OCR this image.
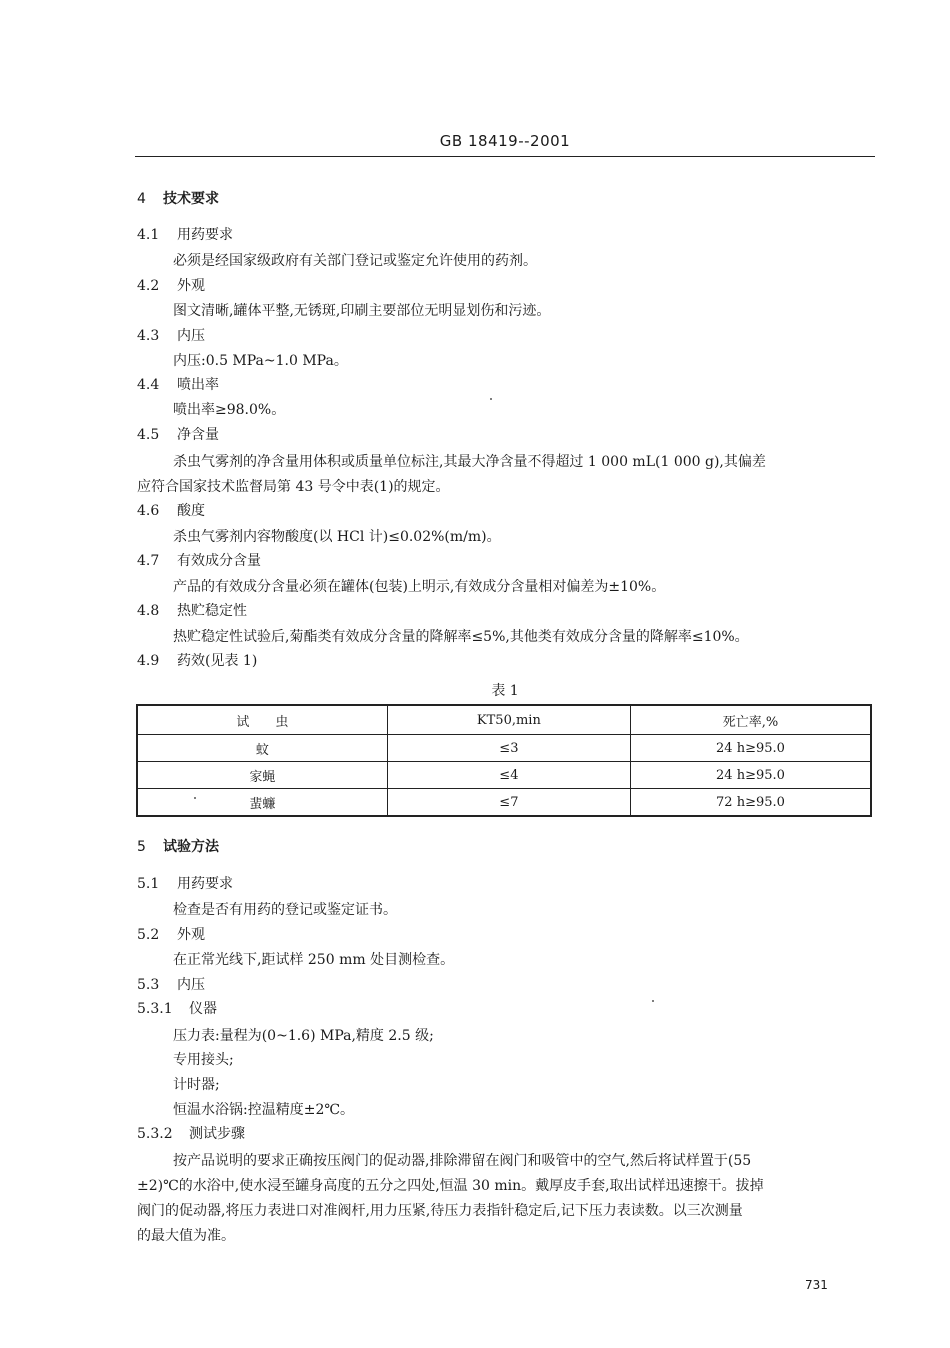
GB 18419--2001
4 技术要求
4.1 用药要求
必须是经国家级政府有关部门登记或鉴定允许使用的药剂。
4.2 外观
图文清晰,罐体平整,无锈斑,印刷主要部位无明显划伤和污迹。
4.3 内压
内压:0.5 MPa~1.0 MPa。
4.4 喷出率
喷出率≥98.0%。
4.5 净含量
杀虫气雾剂的净含量用体积或质量单位标注,其最大净含量不得超过 1 000 mL(1 000 g),其偏差
应符合国家技术监督局第 43 号令中表(1)的规定。
4.6 酸度
杀虫气雾剂内容物酸度(以 HCl 计)≤0.02%(m/m)。
4.7 有效成分含量
产品的有效成分含量必须在罐体(包装)上明示,有效成分含量相对偏差为±10%。
4.8 热贮稳定性
热贮稳定性试验后,菊酯类有效成分含量的降解率≤5%,其他类有效成分含量的降解率≤10%。
4.9 药效(见表 1)
表 1
试　　虫	KT50,min	死亡率,%
蚊	≤3	24 h≥95.0
家蝇	≤4	24 h≥95.0
蜚蠊	≤7	72 h≥95.0
5 试验方法
5.1 用药要求
检查是否有用药的登记或鉴定证书。
5.2 外观
在正常光线下,距试样 250 mm 处目测检查。
5.3 内压
5.3.1 仪器
压力表:量程为(0~1.6) MPa,精度 2.5 级;
专用接头;
计时器;
恒温水浴锅:控温精度±2℃。
5.3.2 测试步骤
按产品说明的要求正确按压阀门的促动器,排除滞留在阀门和吸管中的空气,然后将试样置于(55
±2)℃的水浴中,使水浸至罐身高度的五分之四处,恒温 30 min。戴厚皮手套,取出试样迅速擦干。拔掉
阀门的促动器,将压力表进口对准阀杆,用力压紧,待压力表指针稳定后,记下压力表读数。以三次测量
的最大值为准。
731
